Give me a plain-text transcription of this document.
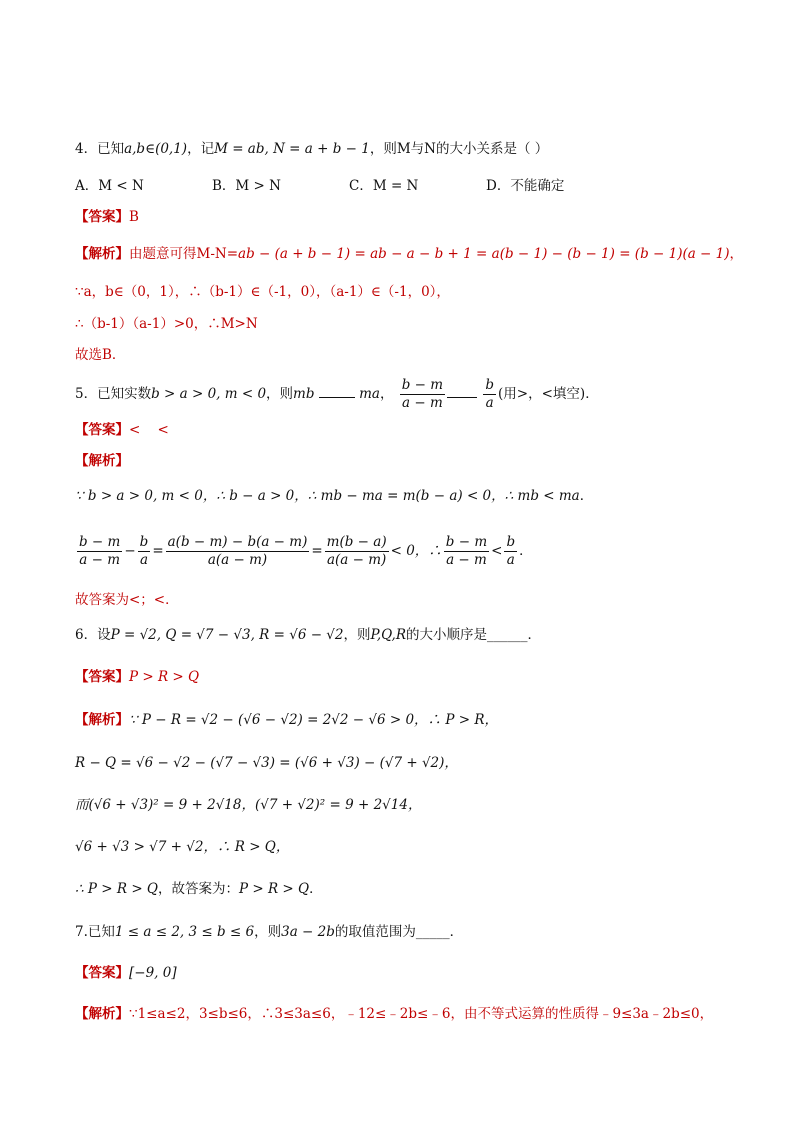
4．已知a,b∈(0,1)，记M = ab, N = a + b − 1，则M与N的大小关系是（ ）
A．M < N	B．M > N	C．M = N	D．不能确定
【答案】B
【解析】由题意可得M-N=ab − (a + b − 1) = ab − a − b + 1 = a(b − 1) − (b − 1) = (b − 1)(a − 1)，
∵a，b∈（0，1），∴（b-1）∈（-1，0），（a-1）∈（-1，0），
∴（b-1）（a-1）>0，∴M>N
故选B．
5．已知实数b > a > 0, m < 0，则mb	ma， $\frac{b - m}{a - m}$
	$\frac{b}{a}$ (用>，<填空)．
【答案】<    <
【解析】
∵ b > a > 0, m < 0，∴ b − a > 0，∴ mb − ma = m(b − a) < 0，∴ mb < ma．
$\frac{b - m}{a - m} - \frac{b}{a} = \frac{a(b - m) - b(a - m)}{a(a - m)} = \frac{m(b - a)}{a(a - m)} < 0$，∴ $\frac{b - m}{a - m} < \frac{b}{a}$ ．
故答案为<；<．
6．设P = √2, Q = √7 − √3, R = √6 − √2，则P,Q,R的大小顺序是______．
【答案】P > R > Q
【解析】∵ P − R = √2 − (√6 − √2) = 2√2 − √6 > 0，∴ P > R，
R − Q = √6 − √2 − (√7 − √3) = (√6 + √3) − (√7 + √2)，
而(√6 + √3)² = 9 + 2√18，(√7 + √2)² = 9 + 2√14，
√6 + √3 > √7 + √2，∴ R > Q，
∴ P > R > Q，故答案为：P > R > Q．
7.已知1 ≤ a ≤ 2, 3 ≤ b ≤ 6，则3a − 2b的取值范围为_____．
【答案】[−9, 0]
【解析】∵1≤a≤2，3≤b≤6，∴3≤3a≤6，﹣12≤﹣2b≤﹣6，由不等式运算的性质得﹣9≤3a﹣2b≤0，
